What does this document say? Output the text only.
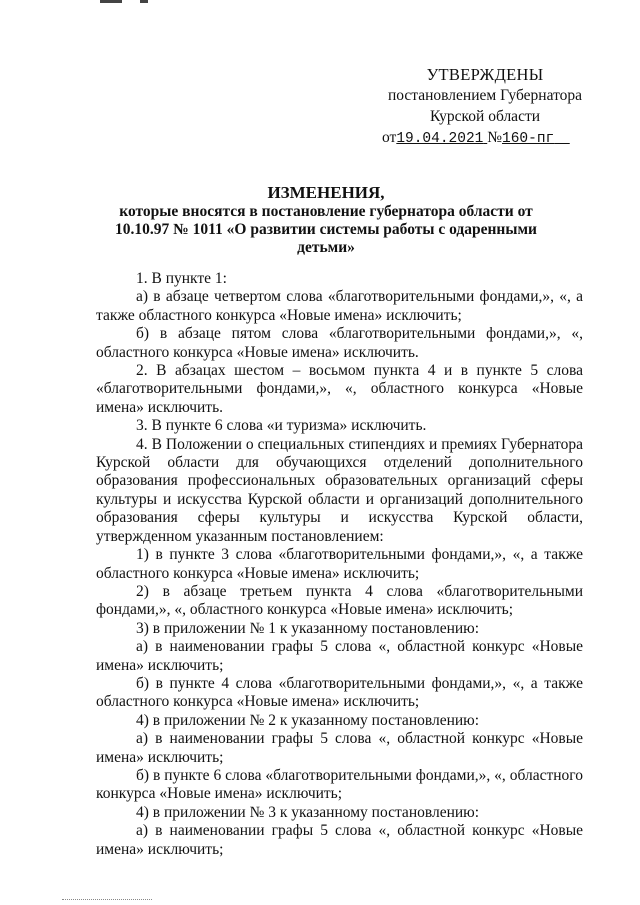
УТВЕРЖДЕНЫ
постановлением Губернатора
Курской области
от19.04.2021 №160-пг
ИЗМЕНЕНИЯ,
которые вносятся в постановление губернатора области от 10.10.97 № 1011 «О развитии системы работы с одаренными детьми»

1. В пункте 1:

а) в абзаце четвертом слова «благотворительными фондами,», «, а также областного конкурса «Новые имена» исключить;

б) в абзаце пятом слова «благотворительными фондами,», «, областного конкурса «Новые имена» исключить.

2. В абзацах шестом – восьмом пункта 4 и в пункте 5 слова «благотворительными фондами,», «, областного конкурса «Новые имена» исключить.

3. В пункте 6 слова «и туризма» исключить.

4. В Положении о специальных стипендиях и премиях Губернатора Курской области для обучающихся отделений дополнительного образования профессиональных образовательных организаций сферы культуры и искусства Курской области и организаций дополнительного образования сферы культуры и искусства Курской области, утвержденном указанным постановлением:

1) в пункте 3 слова «благотворительными фондами,», «, а также областного конкурса «Новые имена» исключить;

2) в абзаце третьем пункта 4 слова «благотворительными фондами,», «, областного конкурса «Новые имена» исключить;

3) в приложении № 1 к указанному постановлению:

а) в наименовании графы 5 слова «, областной конкурс «Новые имена» исключить;

б) в пункте 4 слова «благотворительными фондами,», «, а также областного конкурса «Новые имена» исключить;

4) в приложении № 2 к указанному постановлению:

а) в наименовании графы 5 слова «, областной конкурс «Новые имена» исключить;

б) в пункте 6 слова «благотворительными фондами,», «, областного конкурса «Новые имена» исключить;

4) в приложении № 3 к указанному постановлению:

а) в наименовании графы 5 слова «, областной конкурс «Новые имена» исключить;
